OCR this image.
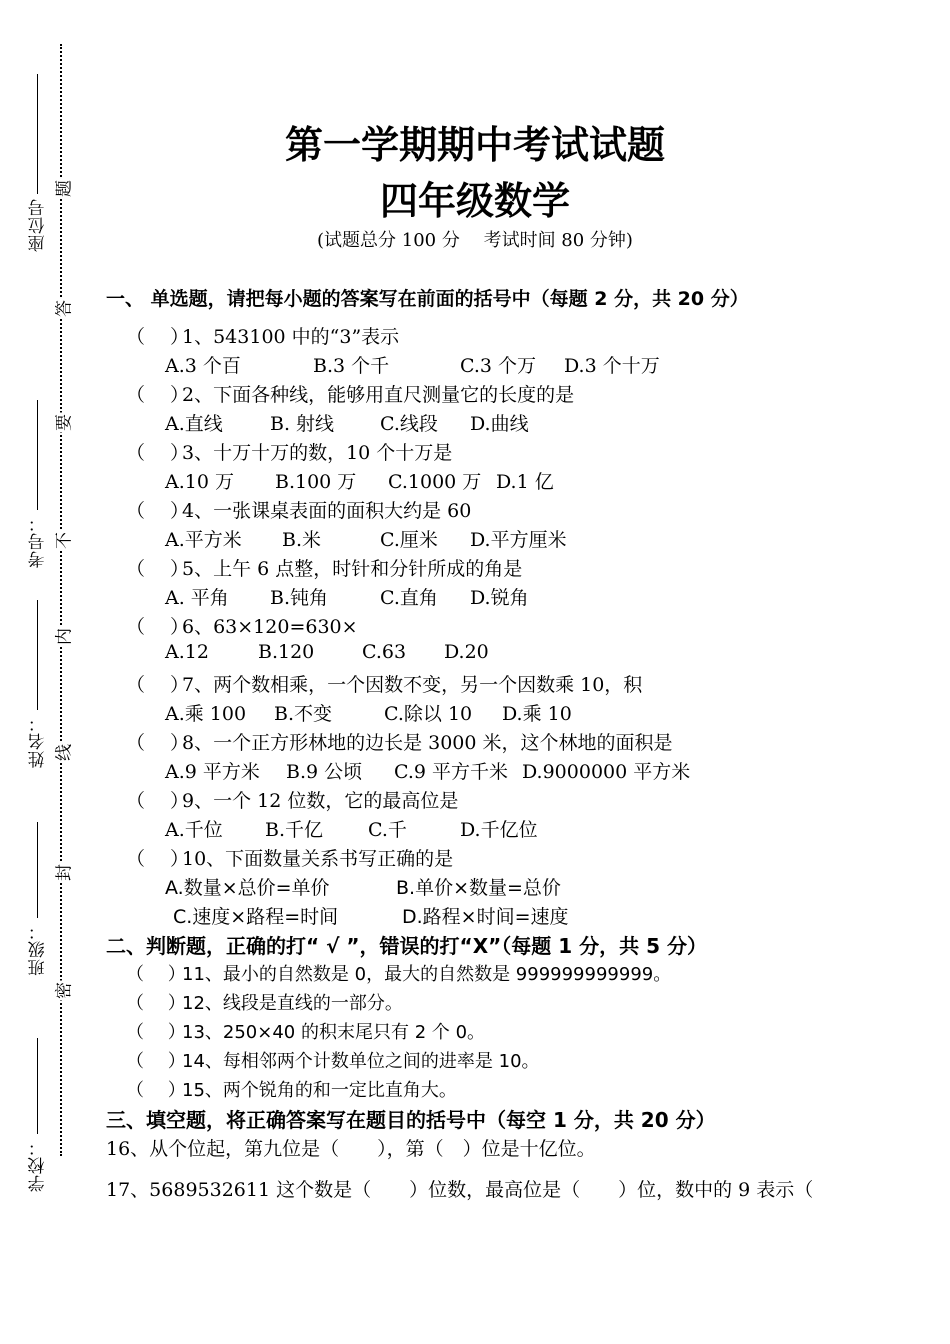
学校：
班级：
姓名：
考号：
座位号
密
封
线
内
不
要
答
题
第一学期期中考试试题
四年级数学
(试题总分 100 分　 考试时间 80 分钟)
一、 单选题，请把每小题的答案写在前面的括号中（每题 2 分，共 20 分）
（　 ）1、543100 中的“3”表示
A.3 个百	B.3 个千	C.3 个万 D.3 个十万
（　 ）2、下面各种线，能够用直尺测量它的长度的是
A.直线 B. 射线 C.线段 D.曲线
（　 ）3、十万十万的数，10 个十万是
A.10 万 B.100 万 C.1000 万 D.1 亿
（　 ）4、一张课桌表面的面积大约是 60
A.平方米 B.米	C.厘米 D.平方厘米
（　 ）5、上午 6 点整，时针和分针所成的角是
A. 平角 B.钝角	C.直角 D.锐角
（　 ）6、63×120=630×
A.12	B.120	C.63 D.20
（　 ）7、两个数相乘，一个因数不变，另一个因数乘 10，积
A.乘 100 B.不变	C.除以 10 D.乘 10
（　 ）8、一个正方形林地的边长是 3000 米，这个林地的面积是
A.9 平方米 B.9 公顷 C.9 平方千米 D.9000000 平方米
（　 ）9、一个 12 位数，它的最高位是
A.千位 B.千亿 C.千	D.千亿位
（　 ）10、下面数量关系书写正确的是
A.数量×总价=单价	B.单价×数量=总价
C.速度×路程=时间	D.路程×时间=速度
二、判断题，正确的打“ √ ”，错误的打“X”（每题 1 分，共 5 分）
（　 ）11、最小的自然数是 0，最大的自然数是 999999999999。
（　 ）12、线段是直线的一部分。
（　 ）13、250×40 的积末尾只有 2 个 0。
（　 ）14、每相邻两个计数单位之间的进率是 10。
（　 ）15、两个锐角的和一定比直角大。
三、填空题，将正确答案写在题目的括号中（每空 1 分，共 20 分）
16、从个位起，第九位是（　　），第（　）位是十亿位。
17、5689532611 这个数是（　　）位数，最高位是（　　）位，数中的 9 表示（
